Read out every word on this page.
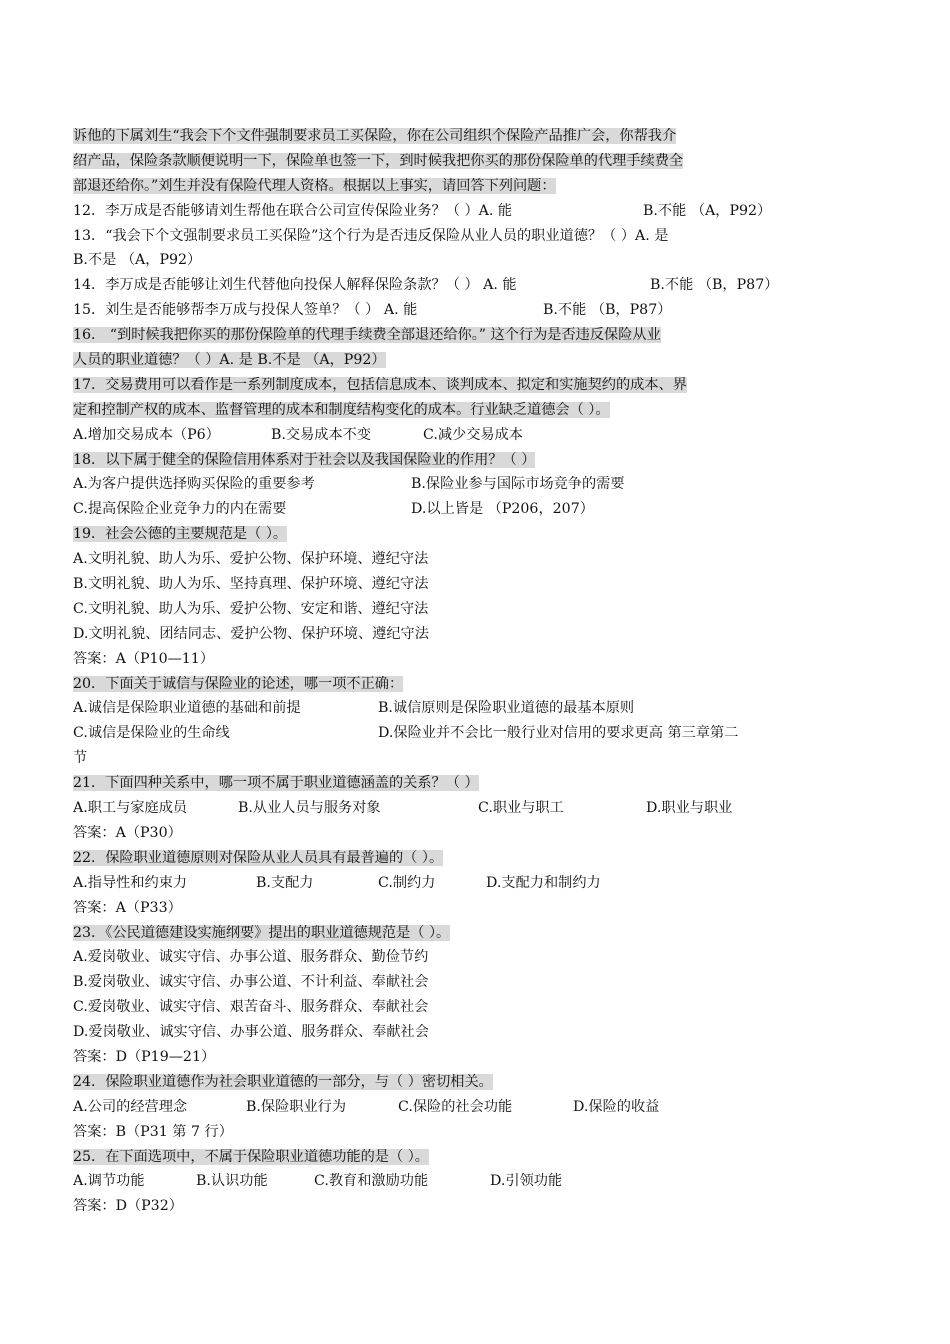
诉他的下属刘生“我会下个文件强制要求员工买保险，你在公司组织个保险产品推广会，你帮我介
绍产品，保险条款顺便说明一下，保险单也签一下，到时候我把你买的那份保险单的代理手续费全
部退还给你。”刘生并没有保险代理人资格。根据以上事实，请回答下列问题：
12．李万成是否能够请刘生帮他在联合公司宣传保险业务？（ ）A. 能	B.不能 （A，P92）
13．“我会下个文强制要求员工买保险”这个行为是否违反保险从业人员的职业道德？（ ）A. 是
B.不是 （A，P92）
14．李万成是否能够让刘生代替他向投保人解释保险条款？（ ） A. 能	B.不能 （B，P87）
15．刘生是否能够帮李万成与投保人签单？（ ） A. 能	B.不能 （B，P87）
16． “到时候我把你买的那份保险单的代理手续费全部退还给你。” 这个行为是否违反保险从业
人员的职业道德？（ ）A. 是 B.不是 （A，P92）
17．交易费用可以看作是一系列制度成本，包括信息成本、谈判成本、拟定和实施契约的成本、界
定和控制产权的成本、监督管理的成本和制度结构变化的成本。行业缺乏道德会（ ）。
A.增加交易成本（P6）	B.交易成本不变	C.减少交易成本
18．以下属于健全的保险信用体系对于社会以及我国保险业的作用？（ ）
A.为客户提供选择购买保险的重要参考	B.保险业参与国际市场竞争的需要
C.提高保险企业竞争力的内在需要	D.以上皆是 （P206，207）
19．社会公德的主要规范是（ ）。
A.文明礼貌、助人为乐、爱护公物、保护环境、遵纪守法
B.文明礼貌、助人为乐、坚持真理、保护环境、遵纪守法
C.文明礼貌、助人为乐、爱护公物、安定和谐、遵纪守法
D.文明礼貌、团结同志、爱护公物、保护环境、遵纪守法
答案：A（P10—11）
20．下面关于诚信与保险业的论述，哪一项不正确：
A.诚信是保险职业道德的基础和前提	B.诚信原则是保险职业道德的最基本原则
C.诚信是保险业的生命线	D.保险业并不会比一般行业对信用的要求更高 第三章第二
节
21．下面四种关系中，哪一项不属于职业道德涵盖的关系？（ ）
A.职工与家庭成员	B.从业人员与服务对象	C.职业与职工	D.职业与职业
答案：A（P30）
22．保险职业道德原则对保险从业人员具有最普遍的（ ）。
A.指导性和约束力	B.支配力	C.制约力	D.支配力和制约力
答案：A（P33）
23．《公民道德建设实施纲要》提出的职业道德规范是（ ）。
A.爱岗敬业、诚实守信、办事公道、服务群众、勤俭节约
B.爱岗敬业、诚实守信、办事公道、不计利益、奉献社会
C.爱岗敬业、诚实守信、艰苦奋斗、服务群众、奉献社会
D.爱岗敬业、诚实守信、办事公道、服务群众、奉献社会
答案：D（P19—21）
24．保险职业道德作为社会职业道德的一部分，与（ ）密切相关。
A.公司的经营理念	B.保险职业行为	C.保险的社会功能	D.保险的收益
答案：B（P31 第 7 行）
25．在下面选项中，不属于保险职业道德功能的是（ ）。
A.调节功能	B.认识功能	C.教育和激励功能	D.引领功能
答案：D（P32）
